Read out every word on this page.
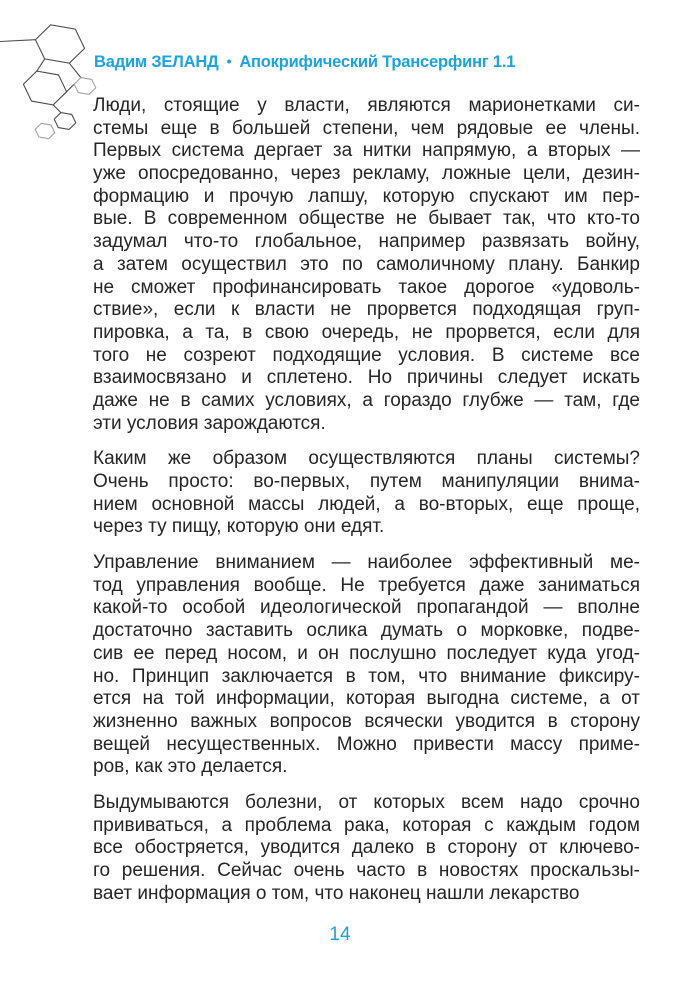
Вадим ЗЕЛАНД • Апокрифический Трансерфинг 1.1
Люди, стоящие у власти, являются марионетками си-
стемы еще в большей степени, чем рядовые ее члены.
Первых система дергает за нитки напрямую, а вторых —
уже опосредованно, через рекламу, ложные цели, дезин-
формацию и прочую лапшу, которую спускают им пер-
вые. В современном обществе не бывает так, что кто-то
задумал что-то глобальное, например развязать войну,
а затем осуществил это по самоличному плану. Банкир
не сможет профинансировать такое дорогое «удоволь-
ствие», если к власти не прорвется подходящая груп-
пировка, а та, в свою очередь, не прорвется, если для
того не созреют подходящие условия. В системе все
взаимосвязано и сплетено. Но причины следует искать
даже не в самих условиях, а гораздо глубже — там, где
эти условия зарождаются.
Каким же образом осуществляются планы системы?
Очень просто: во-первых, путем манипуляции внима-
нием основной массы людей, а во-вторых, еще проще,
через ту пищу, которую они едят.
Управление вниманием — наиболее эффективный ме-
тод управления вообще. Не требуется даже заниматься
какой-то особой идеологической пропагандой — вполне
достаточно заставить ослика думать о морковке, подве-
сив ее перед носом, и он послушно последует куда угод-
но. Принцип заключается в том, что внимание фиксиру-
ется на той информации, которая выгодна системе, а от
жизненно важных вопросов всячески уводится в сторону
вещей несущественных. Можно привести массу приме-
ров, как это делается.
Выдумываются болезни, от которых всем надо срочно
прививаться, а проблема рака, которая с каждым годом
все обостряется, уводится далеко в сторону от ключево-
го решения. Сейчас очень часто в новостях проскальзы-
вает информация о том, что наконец нашли лекарство
14
